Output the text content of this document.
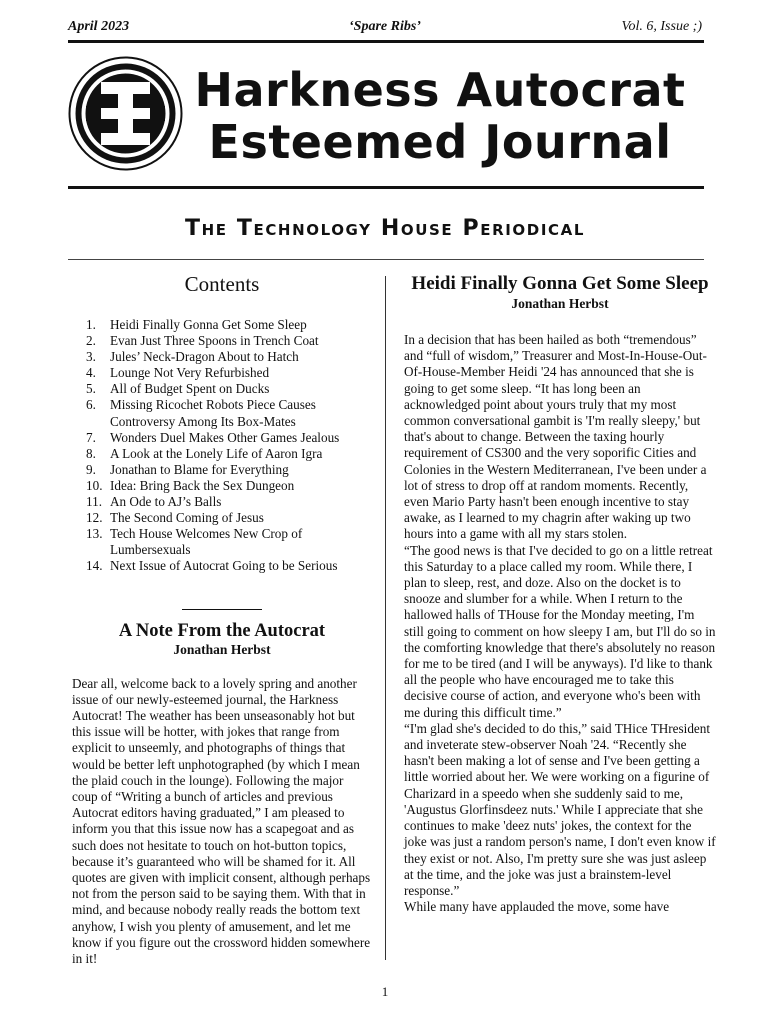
April 2023	‘Spare Ribs’	Vol. 6, Issue ;)
Harkness Autocrat
Esteemed Journal
The Technology House Periodical
Contents
1.	Heidi Finally Gonna Get Some Sleep
2.	Evan Just Three Spoons in Trench Coat
3.	Jules’ Neck-Dragon About to Hatch
4.	Lounge Not Very Refurbished
5.	All of Budget Spent on Ducks
6.	Missing Ricochet Robots Piece Causes Controversy Among Its Box-Mates
7.	Wonders Duel Makes Other Games Jealous
8.	A Look at the Lonely Life of Aaron Igra
9.	Jonathan to Blame for Everything
10. Idea: Bring Back the Sex Dungeon
11. An Ode to AJ’s Balls
12. The Second Coming of Jesus
13. Tech House Welcomes New Crop of Lumbersexuals
14. Next Issue of Autocrat Going to be Serious
A Note From the Autocrat
Jonathan Herbst

Dear all, welcome back to a lovely spring and another issue of our newly-esteemed journal, the Harkness Autocrat! The weather has been unseasonably hot but this issue will be hotter, with jokes that range from explicit to unseemly, and photographs of things that would be better left unphotographed (by which I mean the plaid couch in the lounge). Following the major coup of “Writing a bunch of articles and previous Autocrat editors having graduated,” I am pleased to inform you that this issue now has a scapegoat and as such does not hesitate to touch on hot-button topics, because it’s guaranteed who will be shamed for it. All quotes are given with implicit consent, although perhaps not from the person said to be saying them. With that in mind, and because nobody really reads the bottom text anyhow, I wish you plenty of amusement, and let me know if you figure out the crossword hidden somewhere in it!

Heidi Finally Gonna Get Some Sleep
Jonathan Herbst

In a decision that has been hailed as both “tremendous” and “full of wisdom,” Treasurer and Most-In-House-Out-Of-House-Member Heidi '24 has announced that she is going to get some sleep. “It has long been an acknowledged point about yours truly that my most common conversational gambit is 'I'm really sleepy,' but that's about to change. Between the taxing hourly requirement of CS300 and the very soporific Cities and Colonies in the Western Mediterranean, I've been under a lot of stress to drop off at random moments. Recently, even Mario Party hasn't been enough incentive to stay awake, as I learned to my chagrin after waking up two hours into a game with all my stars stolen.

“The good news is that I've decided to go on a little retreat this Saturday to a place called my room. While there, I plan to sleep, rest, and doze. Also on the docket is to snooze and slumber for a while. When I return to the hallowed halls of THouse for the Monday meeting, I'm still going to comment on how sleepy I am, but I'll do so in the comforting knowledge that there's absolutely no reason for me to be tired (and I will be anyways). I'd like to thank all the people who have encouraged me to take this decisive course of action, and everyone who's been with me during this difficult time.”

“I'm glad she's decided to do this,” said THice THresident and inveterate stew-observer Noah '24. “Recently she hasn't been making a lot of sense and I've been getting a little worried about her. We were working on a figurine of Charizard in a speedo when she suddenly said to me, 'Augustus Glorfinsdeez nuts.' While I appreciate that she continues to make 'deez nuts' jokes, the context for the joke was just a random person's name, I don't even know if they exist or not. Also, I'm pretty sure she was just asleep at the time, and the joke was just a brainstem-level response.”

While many have applauded the move, some have

1
